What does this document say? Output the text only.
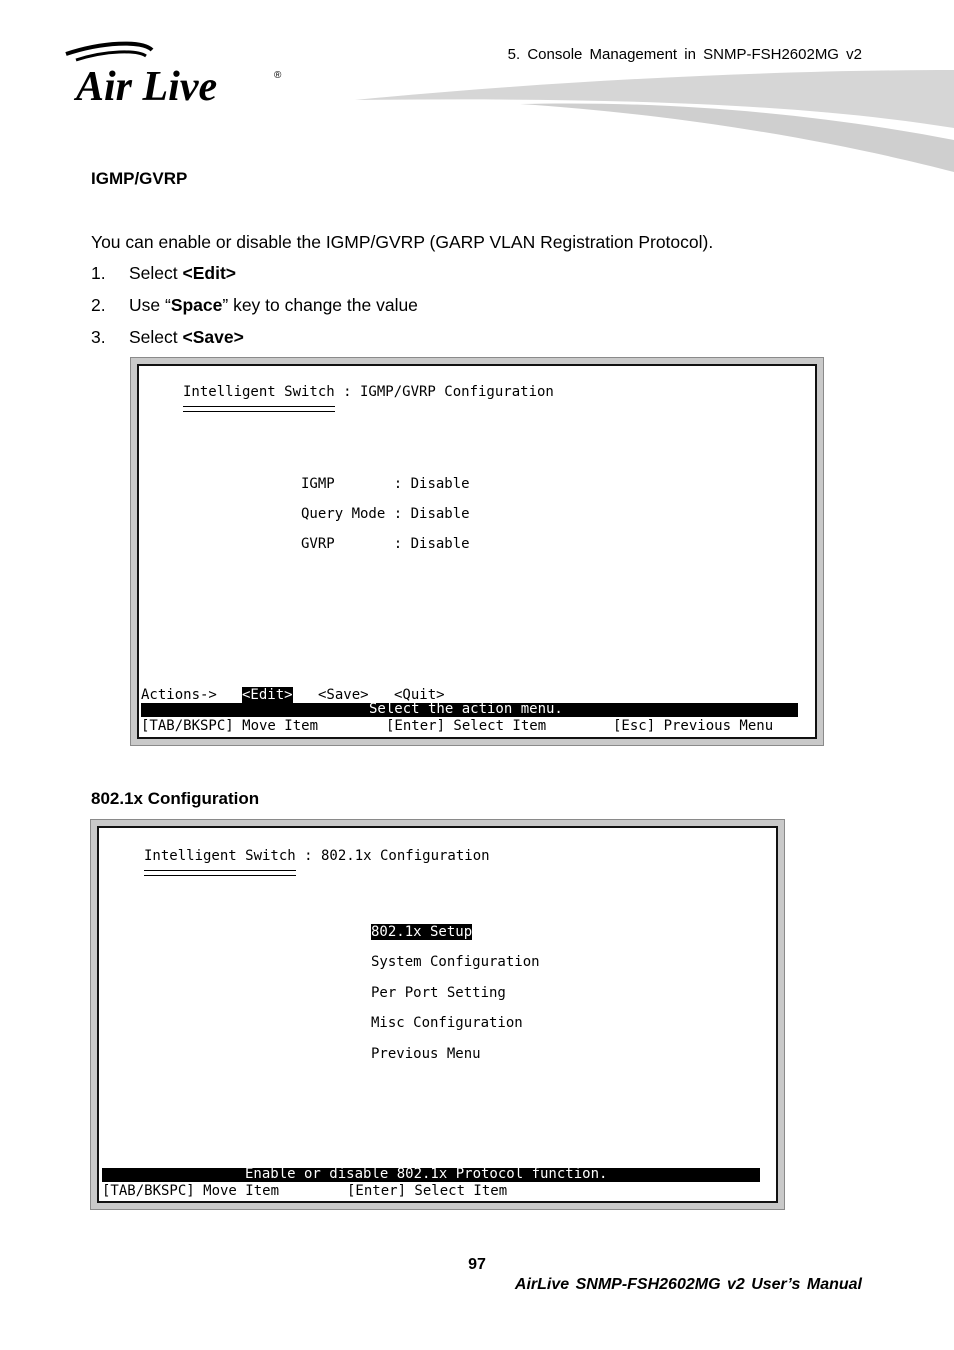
5. Console Management in SNMP-FSH2602MG v2
Air Live	®
IGMP/GVRP

You can enable or disable the IGMP/GVRP (GARP VLAN Registration Protocol).

1. Select <Edit>

2. Use “Space” key to change the value

3. Select <Save>

Intelligent Switch : IGMP/GVRP Configuration
IGMP       : Disable
Query Mode : Disable
GVRP       : Disable
Actions-> <Edit> <Save> <Quit>
Select the action menu.
[TAB/BKSPC] Move Item	[Enter] Select Item	[Esc] Previous Menu
802.1x Configuration
Intelligent Switch : 802.1x Configuration
802.1x Setup
System Configuration
Per Port Setting
Misc Configuration
Previous Menu
Enable or disable 802.1x Protocol function.
[TAB/BKSPC] Move Item	[Enter] Select Item
97
AirLive SNMP-FSH2602MG v2 User’s Manual
